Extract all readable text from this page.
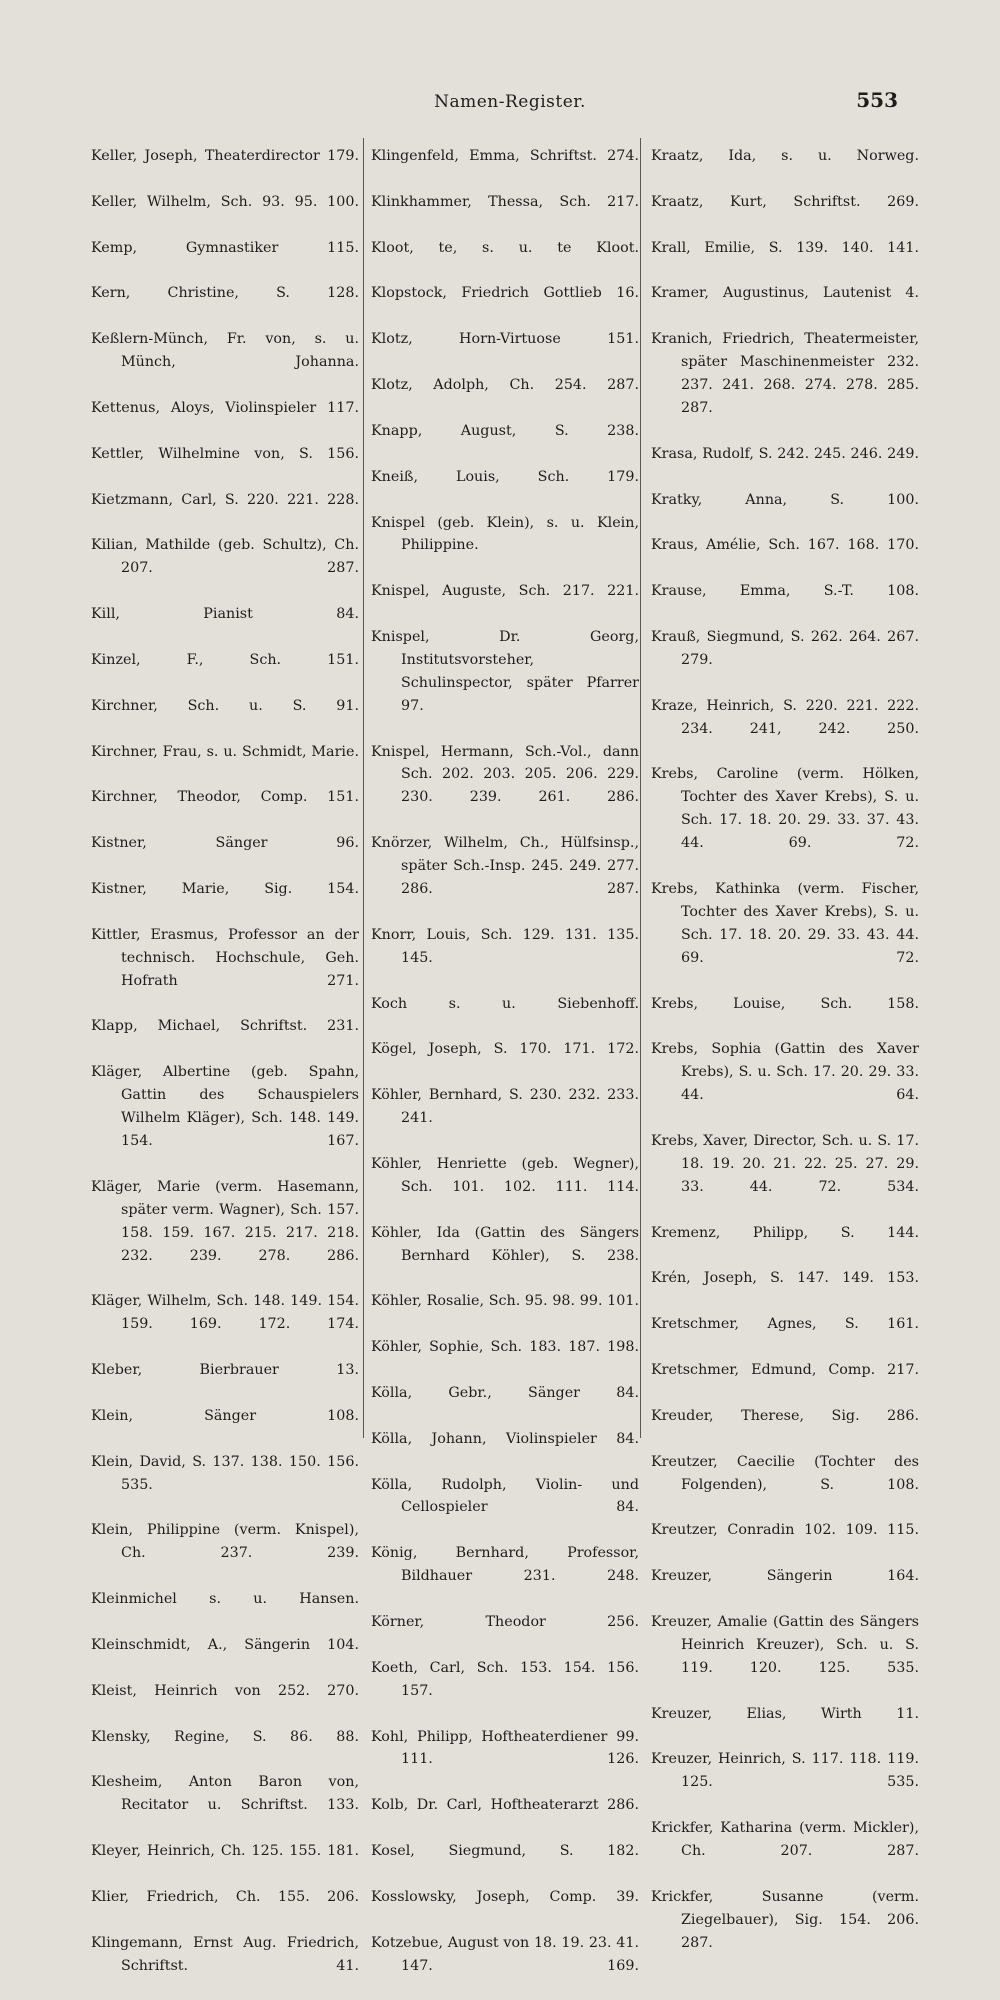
Namen-Register.	553

Keller, Joseph, Theaterdirector 179.

Keller, Wilhelm, Sch. 93. 95. 100.

Kemp, Gymnastiker 115.

Kern, Christine, S. 128.

Keßlern-Münch, Fr. von, s. u. Münch, Johanna.

Kettenus, Aloys, Violinspieler 117.

Kettler, Wilhelmine von, S. 156.

Kietzmann, Carl, S. 220. 221. 228.

Kilian, Mathilde (geb. Schultz), Ch. 207. 287.

Kill, Pianist 84.

Kinzel, F., Sch. 151.

Kirchner, Sch. u. S. 91.

Kirchner, Frau, s. u. Schmidt, Marie.

Kirchner, Theodor, Comp. 151.

Kistner, Sänger 96.

Kistner, Marie, Sig. 154.

Kittler, Erasmus, Professor an der technisch. Hochschule, Geh. Hofrath 271.

Klapp, Michael, Schriftst. 231.

Kläger, Albertine (geb. Spahn, Gattin des Schauspielers Wilhelm Kläger), Sch. 148. 149. 154. 167.

Kläger, Marie (verm. Hasemann, später verm. Wagner), Sch. 157. 158. 159. 167. 215. 217. 218. 232. 239. 278. 286.

Kläger, Wilhelm, Sch. 148. 149. 154. 159. 169. 172. 174.

Kleber, Bierbrauer 13.

Klein, Sänger 108.

Klein, David, S. 137. 138. 150. 156. 535.

Klein, Philippine (verm. Knispel), Ch. 237. 239.

Kleinmichel s. u. Hansen.

Kleinschmidt, A., Sängerin 104.

Kleist, Heinrich von 252. 270.

Klensky, Regine, S. 86. 88.

Klesheim, Anton Baron von, Recitator u. Schriftst. 133.

Kleyer, Heinrich, Ch. 125. 155. 181.

Klier, Friedrich, Ch. 155. 206.

Klingemann, Ernst Aug. Friedrich, Schriftst. 41.

Klingenfeld, Emma, Schriftst. 274.

Klinkhammer, Thessa, Sch. 217.

Kloot, te, s. u. te Kloot.

Klopstock, Friedrich Gottlieb 16.

Klotz, Horn-Virtuose 151.

Klotz, Adolph, Ch. 254. 287.

Knapp, August, S. 238.

Kneiß, Louis, Sch. 179.

Knispel (geb. Klein), s. u. Klein, Philippine.

Knispel, Auguste, Sch. 217. 221.

Knispel, Dr. Georg, Institutsvorsteher, Schulinspector, später Pfarrer 97.

Knispel, Hermann, Sch.-Vol., dann Sch. 202. 203. 205. 206. 229. 230. 239. 261. 286.

Knörzer, Wilhelm, Ch., Hülfsinsp., später Sch.-Insp. 245. 249. 277. 286. 287.

Knorr, Louis, Sch. 129. 131. 135. 145.

Koch s. u. Siebenhoff.

Kögel, Joseph, S. 170. 171. 172.

Köhler, Bernhard, S. 230. 232. 233. 241.

Köhler, Henriette (geb. Wegner), Sch. 101. 102. 111. 114.

Köhler, Ida (Gattin des Sängers Bernhard Köhler), S. 238.

Köhler, Rosalie, Sch. 95. 98. 99. 101.

Köhler, Sophie, Sch. 183. 187. 198.

Kölla, Gebr., Sänger 84.

Kölla, Johann, Violinspieler 84.

Kölla, Rudolph, Violin- und Cellospieler 84.

König, Bernhard, Professor, Bildhauer 231. 248.

Körner, Theodor 256.

Koeth, Carl, Sch. 153. 154. 156. 157.

Kohl, Philipp, Hoftheaterdiener 99. 111. 126.

Kolb, Dr. Carl, Hoftheaterarzt 286.

Kosel, Siegmund, S. 182.

Kosslowsky, Joseph, Comp. 39.

Kotzebue, August von 18. 19. 23. 41. 147. 169.

Kraatz, Ida, s. u. Norweg.

Kraatz, Kurt, Schriftst. 269.

Krall, Emilie, S. 139. 140. 141.

Kramer, Augustinus, Lautenist 4.

Kranich, Friedrich, Theatermeister, später Maschinenmeister 232. 237. 241. 268. 274. 278. 285. 287.

Krasa, Rudolf, S. 242. 245. 246. 249.

Kratky, Anna, S. 100.

Kraus, Amélie, Sch. 167. 168. 170.

Krause, Emma, S.-T. 108.

Krauß, Siegmund, S. 262. 264. 267. 279.

Kraze, Heinrich, S. 220. 221. 222. 234. 241, 242. 250.

Krebs, Caroline (verm. Hölken, Tochter des Xaver Krebs), S. u. Sch. 17. 18. 20. 29. 33. 37. 43. 44. 69. 72.

Krebs, Kathinka (verm. Fischer, Tochter des Xaver Krebs), S. u. Sch. 17. 18. 20. 29. 33. 43. 44. 69. 72.

Krebs, Louise, Sch. 158.

Krebs, Sophia (Gattin des Xaver Krebs), S. u. Sch. 17. 20. 29. 33. 44. 64.

Krebs, Xaver, Director, Sch. u. S. 17. 18. 19. 20. 21. 22. 25. 27. 29. 33. 44. 72. 534.

Kremenz, Philipp, S. 144.

Krén, Joseph, S. 147. 149. 153.

Kretschmer, Agnes, S. 161.

Kretschmer, Edmund, Comp. 217.

Kreuder, Therese, Sig. 286.

Kreutzer, Caecilie (Tochter des Folgenden), S. 108.

Kreutzer, Conradin 102. 109. 115.

Kreuzer, Sängerin 164.

Kreuzer, Amalie (Gattin des Sängers Heinrich Kreuzer), Sch. u. S. 119. 120. 125. 535.

Kreuzer, Elias, Wirth 11.

Kreuzer, Heinrich, S. 117. 118. 119. 125. 535.

Krickfer, Katharina (verm. Mickler), Ch. 207. 287.

Krickfer, Susanne (verm. Ziegelbauer), Sig. 154. 206. 287.
